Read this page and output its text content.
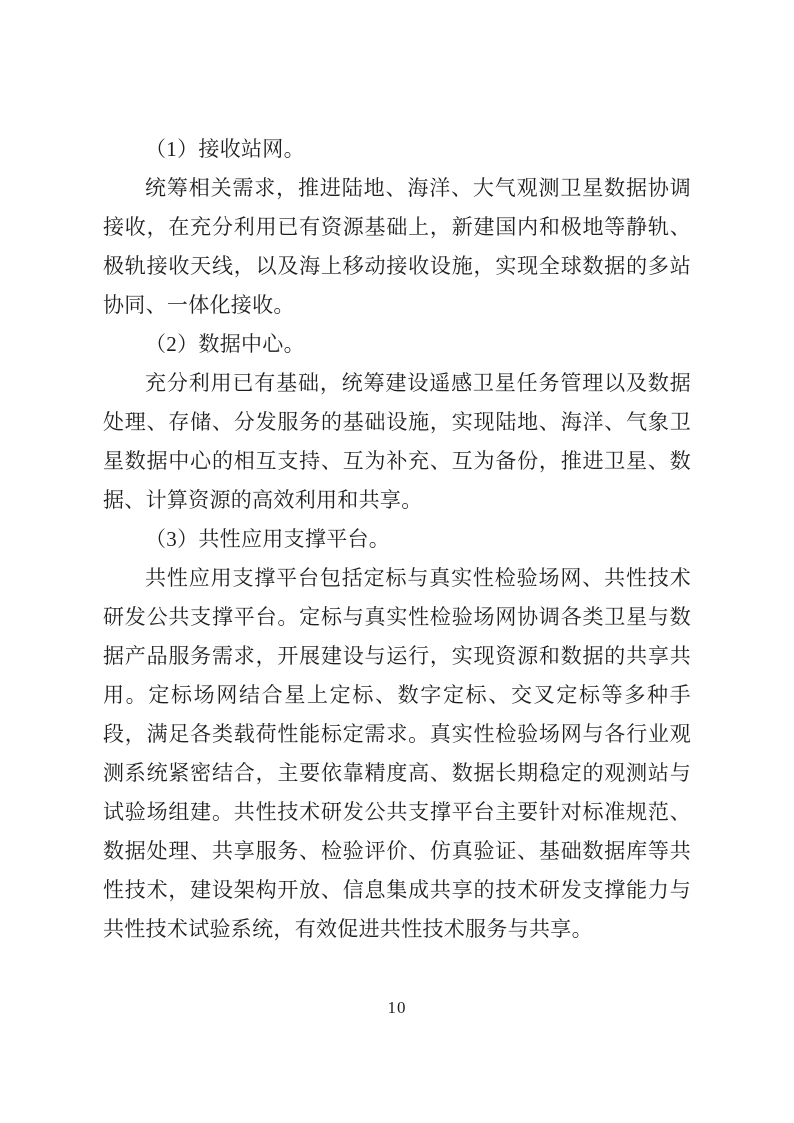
（1）接收站网。

统筹相关需求，推进陆地、海洋、大气观测卫星数据协调接收，在充分利用已有资源基础上，新建国内和极地等静轨、极轨接收天线，以及海上移动接收设施，实现全球数据的多站协同、一体化接收。

（2）数据中心。

充分利用已有基础，统筹建设遥感卫星任务管理以及数据处理、存储、分发服务的基础设施，实现陆地、海洋、气象卫星数据中心的相互支持、互为补充、互为备份，推进卫星、数据、计算资源的高效利用和共享。

（3）共性应用支撑平台。

共性应用支撑平台包括定标与真实性检验场网、共性技术研发公共支撑平台。定标与真实性检验场网协调各类卫星与数据产品服务需求，开展建设与运行，实现资源和数据的共享共用。定标场网结合星上定标、数字定标、交叉定标等多种手段，满足各类载荷性能标定需求。真实性检验场网与各行业观测系统紧密结合，主要依靠精度高、数据长期稳定的观测站与试验场组建。共性技术研发公共支撑平台主要针对标准规范、数据处理、共享服务、检验评价、仿真验证、基础数据库等共性技术，建设架构开放、信息集成共享的技术研发支撑能力与共性技术试验系统，有效促进共性技术服务与共享。

10
